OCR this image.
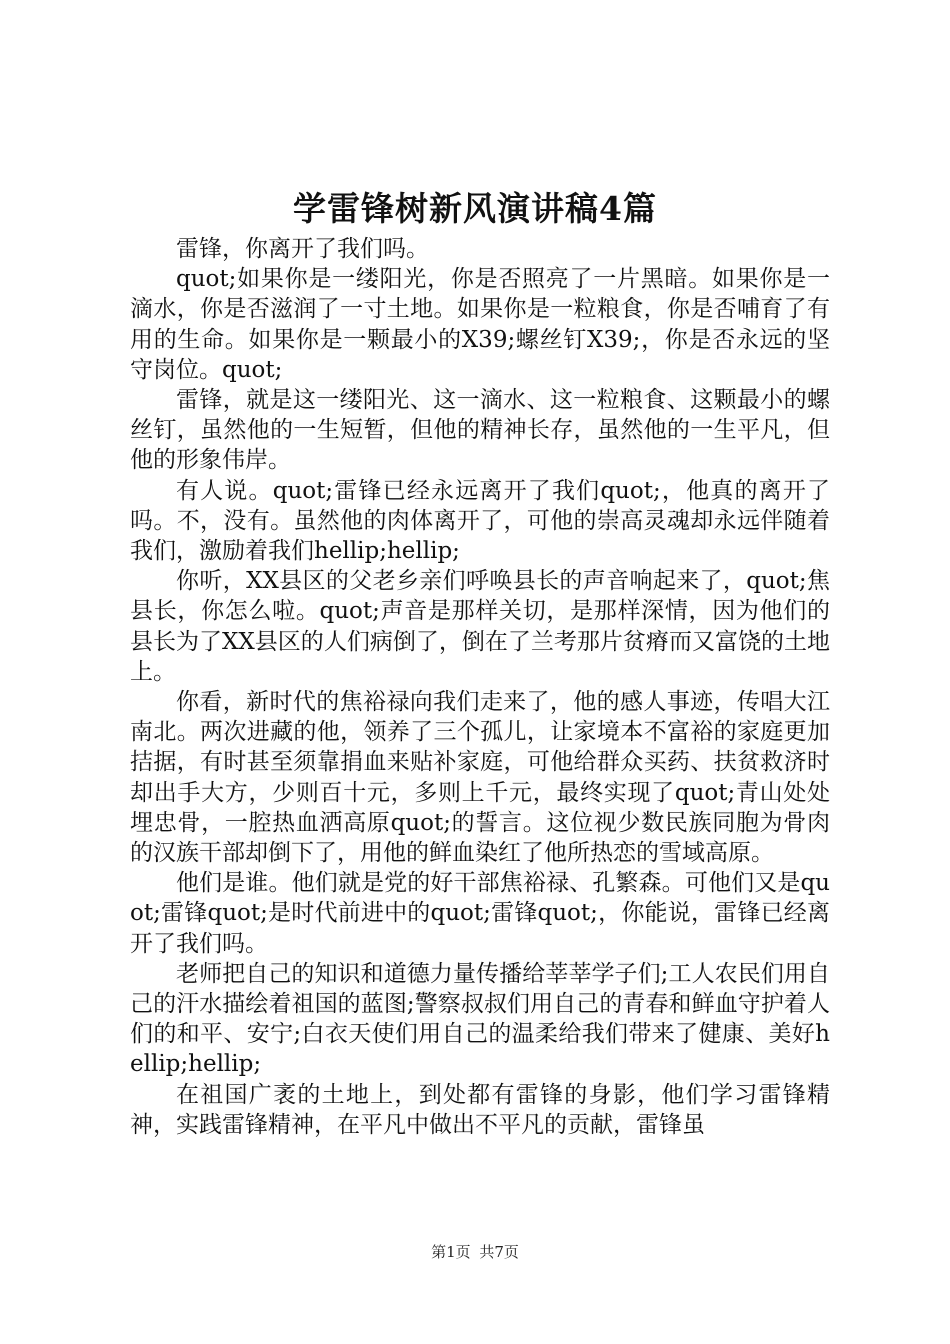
学雷锋树新风演讲稿4篇

雷锋，你离开了我们吗。

quot;如果你是一缕阳光，你是否照亮了一片黑暗。如果你是一滴水，你是否滋润了一寸土地。如果你是一粒粮食，你是否哺育了有用的生命。如果你是一颗最小的X39;螺丝钉X39;，你是否永远的坚守岗位。quot;

雷锋，就是这一缕阳光、这一滴水、这一粒粮食、这颗最小的螺丝钉，虽然他的一生短暂，但他的精神长存，虽然他的一生平凡，但他的形象伟岸。

有人说。quot;雷锋已经永远离开了我们quot;，他真的离开了吗。不，没有。虽然他的肉体离开了，可他的崇高灵魂却永远伴随着我们，激励着我们hellip;hellip;

你听，XX县区的父老乡亲们呼唤县长的声音响起来了，quot;焦县长，你怎么啦。quot;声音是那样关切，是那样深情，因为他们的县长为了XX县区的人们病倒了，倒在了兰考那片贫瘠而又富饶的土地上。

你看，新时代的焦裕禄向我们走来了，他的感人事迹，传唱大江南北。两次进藏的他，领养了三个孤儿，让家境本不富裕的家庭更加拮据，有时甚至须靠捐血来贴补家庭，可他给群众买药、扶贫救济时却出手大方，少则百十元，多则上千元，最终实现了quot;青山处处埋忠骨，一腔热血洒高原quot;的誓言。这位视少数民族同胞为骨肉的汉族干部却倒下了，用他的鲜血染红了他所热恋的雪域高原。

他们是谁。他们就是党的好干部焦裕禄、孔繁森。可他们又是quot;雷锋quot;是时代前进中的quot;雷锋quot;，你能说，雷锋已经离开了我们吗。

老师把自己的知识和道德力量传播给莘莘学子们;工人农民们用自己的汗水描绘着祖国的蓝图;警察叔叔们用自己的青春和鲜血守护着人们的和平、安宁;白衣天使们用自己的温柔给我们带来了健康、美好hellip;hellip;

在祖国广袤的土地上，到处都有雷锋的身影，他们学习雷锋精神，实践雷锋精神，在平凡中做出不平凡的贡献，雷锋虽

第1页 共7页
